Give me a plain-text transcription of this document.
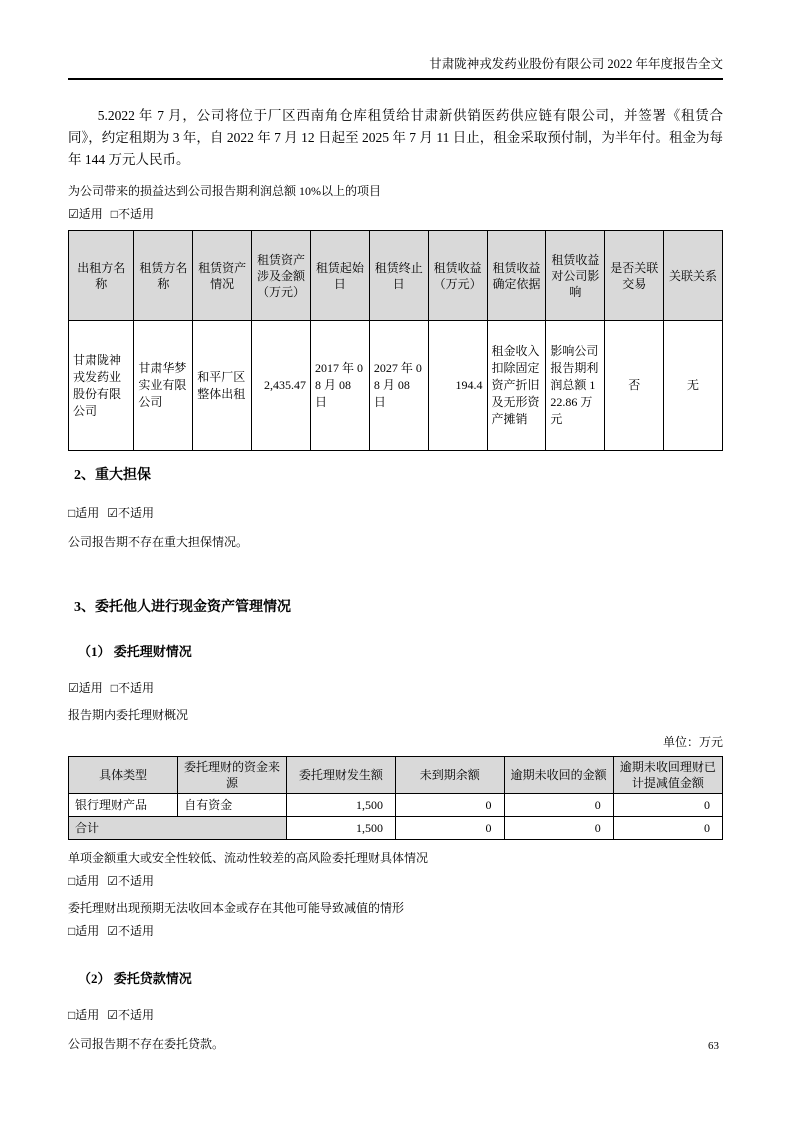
甘肃陇神戎发药业股份有限公司 2022 年年度报告全文
5.2022 年 7 月，公司将位于厂区西南角仓库租赁给甘肃新供销医药供应链有限公司，并签署《租赁合同》，约定租期为 3 年，自 2022 年 7 月 12 日起至 2025 年 7 月 11 日止，租金采取预付制，为半年付。租金为每年 144 万元人民币。
为公司带来的损益达到公司报告期利润总额 10%以上的项目
☑适用 □不适用
出租方名称	租赁方名称	租赁资产情况	租赁资产涉及金额（万元）	租赁起始日	租赁终止日	租赁收益（万元）	租赁收益确定依据	租赁收益对公司影响	是否关联交易	关联关系
甘肃陇神戎发药业股份有限公司	甘肃华梦实业有限公司	和平厂区整体出租	2,435.47	2017 年 08 月 08 日	2027 年 08 月 08 日	194.4	租金收入扣除固定资产折旧及无形资产摊销	影响公司报告期利润总额 122.86 万元	否	无
2、重大担保
□适用 ☑不适用
公司报告期不存在重大担保情况。
3、委托他人进行现金资产管理情况
（1） 委托理财情况
☑适用 □不适用
报告期内委托理财概况
单位：万元
具体类型	委托理财的资金来源	委托理财发生额	未到期余额	逾期未收回的金额	逾期未收回理财已计提减值金额
银行理财产品	自有资金	1,500	0	0	0
合计		1,500	0	0	0
单项金额重大或安全性较低、流动性较差的高风险委托理财具体情况
□适用 ☑不适用
委托理财出现预期无法收回本金或存在其他可能导致减值的情形
□适用 ☑不适用
（2） 委托贷款情况
□适用 ☑不适用
公司报告期不存在委托贷款。	63
